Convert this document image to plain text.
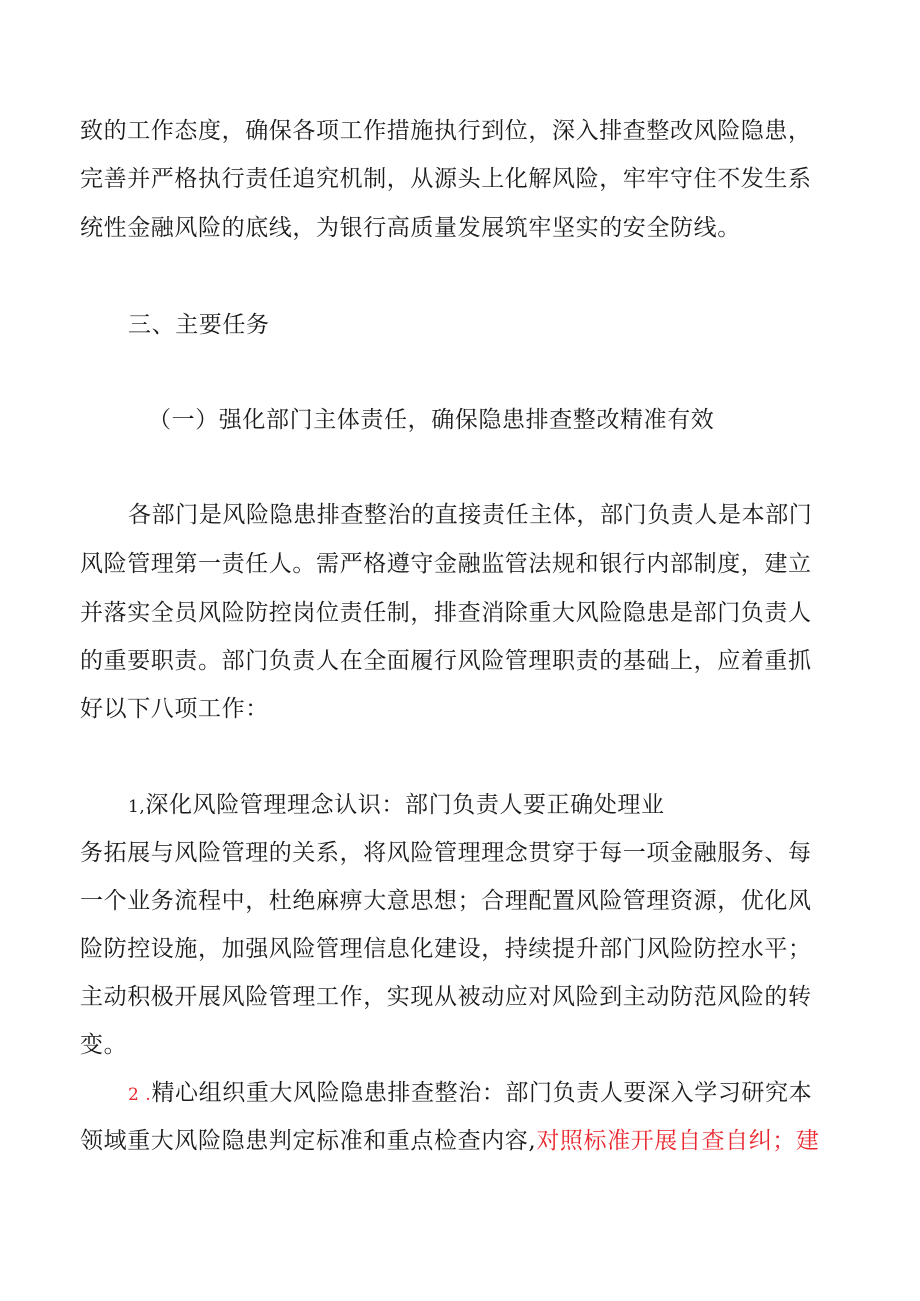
致的工作态度，确保各项工作措施执行到位，深入排查整改风险隐患，
完善并严格执行责任追究机制，从源头上化解风险，牢牢守住不发生系
统性金融风险的底线，为银行高质量发展筑牢坚实的安全防线。
三、主要任务
（一）强化部门主体责任，确保隐患排查整改精准有效
各部门是风险隐患排查整治的直接责任主体，部门负责人是本部门
风险管理第一责任人。需严格遵守金融监管法规和银行内部制度，建立
并落实全员风险防控岗位责任制，排查消除重大风险隐患是部门负责人
的重要职责。部门负责人在全面履行风险管理职责的基础上，应着重抓
好以下八项工作：
1,深化风险管理理念认识：部门负责人要正确处理业
务拓展与风险管理的关系，将风险管理理念贯穿于每一项金融服务、每
一个业务流程中，杜绝麻痹大意思想；合理配置风险管理资源，优化风
险防控设施，加强风险管理信息化建设，持续提升部门风险防控水平；
主动积极开展风险管理工作，实现从被动应对风险到主动防范风险的转
变。
2 .精心组织重大风险隐患排查整治：部门负责人要深入学习研究本
领域重大风险隐患判定标准和重点检查内容,对照标准开展自查自纠；建
